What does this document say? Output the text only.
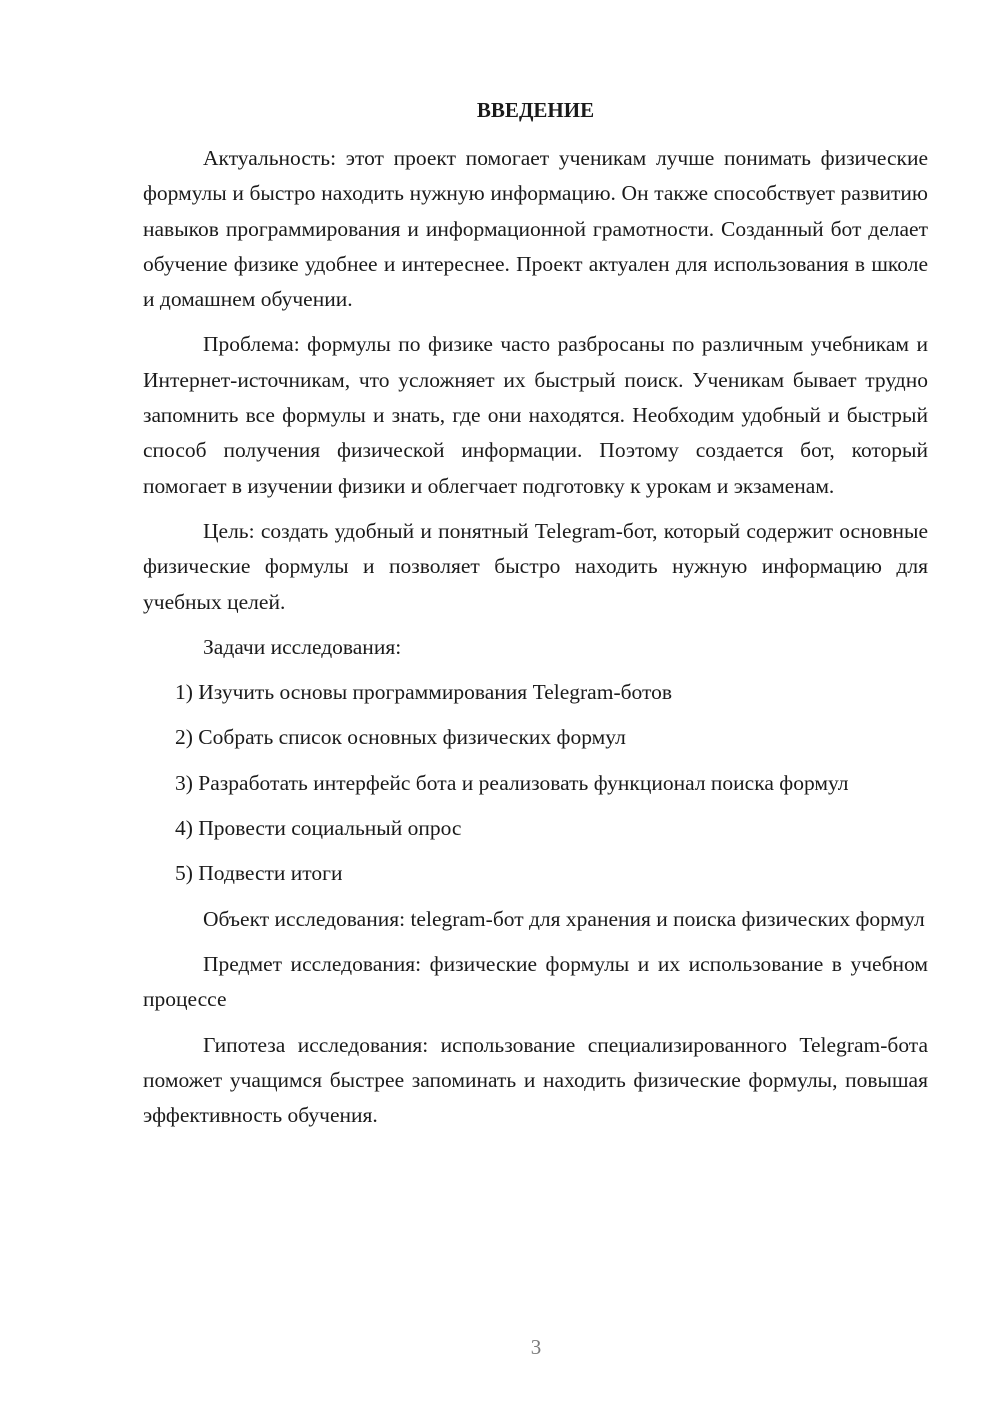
ВВЕДЕНИЕ

Актуальность: этот проект помогает ученикам лучше понимать физические формулы и быстро находить нужную информацию. Он также способствует развитию навыков программирования и информационной грамотности. Созданный бот делает обучение физике удобнее и интереснее. Проект актуален для использования в школе и домашнем обучении.

Проблема: формулы по физике часто разбросаны по различным учебникам и Интернет-источникам, что усложняет их быстрый поиск. Ученикам бывает трудно запомнить все формулы и знать, где они находятся. Необходим удобный и быстрый способ получения физической информации. Поэтому создается бот, который помогает в изучении физики и облегчает подготовку к урокам и экзаменам.

Цель: создать удобный и понятный Telegram-бот, который содержит основные физические формулы и позволяет быстро находить нужную информацию для учебных целей.

Задачи исследования:

1) Изучить основы программирования Telegram-ботов

2) Собрать список основных физических формул

3) Разработать интерфейс бота и реализовать функционал поиска формул

4) Провести социальный опрос

5) Подвести итоги

Объект исследования: telegram-бот для хранения и поиска физических формул

Предмет исследования: физические формулы и их использование в учебном процессе

Гипотеза исследования: использование специализированного Telegram-бота поможет учащимся быстрее запоминать и находить физические формулы, повышая эффективность обучения.

3
